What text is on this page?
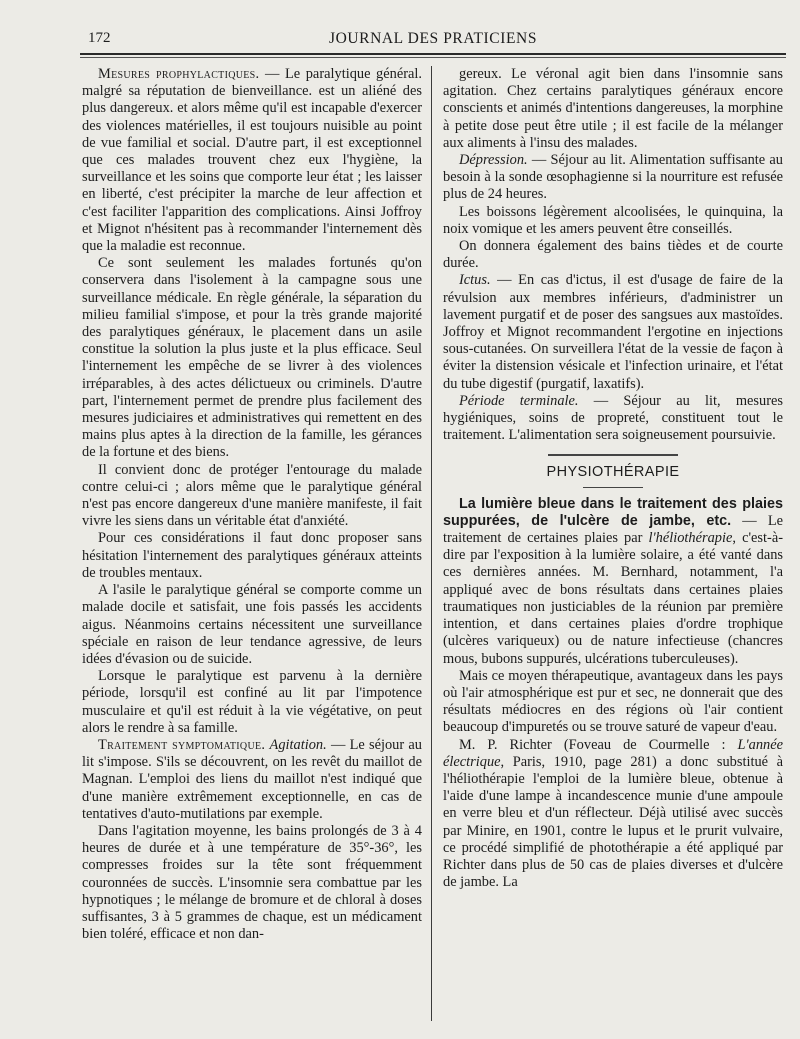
172	JOURNAL DES PRATICIENS

Mesures prophylactiques. — Le paralytique général. malgré sa réputation de bienveillance. est un aliéné des plus dangereux. et alors même qu'il est incapable d'exercer des violences matérielles, il est toujours nuisible au point de vue familial et social. D'autre part, il est exceptionnel que ces malades trouvent chez eux l'hygiène, la surveillance et les soins que comporte leur état ; les laisser en liberté, c'est précipiter la marche de leur affection et c'est faciliter l'apparition des complications. Ainsi Joffroy et Mignot n'hésitent pas à recommander l'internement dès que la maladie est reconnue.

Ce sont seulement les malades fortunés qu'on conservera dans l'isolement à la campagne sous une surveillance médicale. En règle générale, la séparation du milieu familial s'impose, et pour la très grande majorité des paralytiques généraux, le placement dans un asile constitue la solution la plus juste et la plus efficace. Seul l'internement les empêche de se livrer à des violences irréparables, à des actes délictueux ou criminels. D'autre part, l'internement permet de prendre plus facilement des mesures judiciaires et administratives qui remettent en des mains plus aptes à la direction de la famille, les gérances de la fortune et des biens.

Il convient donc de protéger l'entourage du malade contre celui-ci ; alors même que le paralytique général n'est pas encore dangereux d'une manière manifeste, il fait vivre les siens dans un véritable état d'anxiété.

Pour ces considérations il faut donc proposer sans hésitation l'internement des paralytiques généraux atteints de troubles mentaux.

A l'asile le paralytique général se comporte comme un malade docile et satisfait, une fois passés les accidents aigus. Néanmoins certains nécessitent une surveillance spéciale en raison de leur tendance agressive, de leurs idées d'évasion ou de suicide.

Lorsque le paralytique est parvenu à la dernière période, lorsqu'il est confiné au lit par l'impotence musculaire et qu'il est réduit à la vie végétative, on peut alors le rendre à sa famille.

Traitement symptomatique. Agitation. — Le séjour au lit s'impose. S'ils se découvrent, on les revêt du maillot de Magnan. L'emploi des liens du maillot n'est indiqué que d'une manière extrêmement exceptionnelle, en cas de tentatives d'auto-mutilations par exemple.

Dans l'agitation moyenne, les bains prolongés de 3 à 4 heures de durée et à une température de 35°-36°, les compresses froides sur la tête sont fréquemment couronnées de succès. L'insomnie sera combattue par les hypnotiques ; le mélange de bromure et de chloral à doses suffisantes, 3 à 5 grammes de chaque, est un médicament bien toléré, efficace et non dan-

gereux. Le véronal agit bien dans l'insomnie sans agitation. Chez certains paralytiques généraux encore conscients et animés d'intentions dangereuses, la morphine à petite dose peut être utile ; il est facile de la mélanger aux aliments à l'insu des malades.

Dépression. — Séjour au lit. Alimentation suffisante au besoin à la sonde œsophagienne si la nourriture est refusée plus de 24 heures.

Les boissons légèrement alcoolisées, le quinquina, la noix vomique et les amers peuvent être conseillés.

On donnera également des bains tièdes et de courte durée.

Ictus. — En cas d'ictus, il est d'usage de faire de la révulsion aux membres inférieurs, d'administrer un lavement purgatif et de poser des sangsues aux mastoïdes. Joffroy et Mignot recommandent l'ergotine en injections sous-cutanées. On surveillera l'état de la vessie de façon à éviter la distension vésicale et l'infection urinaire, et l'état du tube digestif (purgatif, laxatifs).

Période terminale. — Séjour au lit, mesures hygiéniques, soins de propreté, constituent tout le traitement. L'alimentation sera soigneusement poursuivie.

PHYSIOTHÉRAPIE

La lumière bleue dans le traitement des plaies suppurées, de l'ulcère de jambe, etc. — Le traitement de certaines plaies par l'héliothérapie, c'est-à-dire par l'exposition à la lumière solaire, a été vanté dans ces dernières années. M. Bernhard, notamment, l'a appliqué avec de bons résultats dans certaines plaies traumatiques non justiciables de la réunion par première intention, et dans certaines plaies d'ordre trophique (ulcères variqueux) ou de nature infectieuse (chancres mous, bubons suppurés, ulcérations tuberculeuses).

Mais ce moyen thérapeutique, avantageux dans les pays où l'air atmosphérique est pur et sec, ne donnerait que des résultats médiocres en des régions où l'air contient beaucoup d'impuretés ou se trouve saturé de vapeur d'eau.

M. P. Richter (Foveau de Courmelle : L'année électrique, Paris, 1910, page 281) a donc substitué à l'héliothérapie l'emploi de la lumière bleue, obtenue à l'aide d'une lampe à incandescence munie d'une ampoule en verre bleu et d'un réflecteur. Déjà utilisé avec succès par Minire, en 1901, contre le lupus et le prurit vulvaire, ce procédé simplifié de photothérapie a été appliqué par Richter dans plus de 50 cas de plaies diverses et d'ulcère de jambe. La
